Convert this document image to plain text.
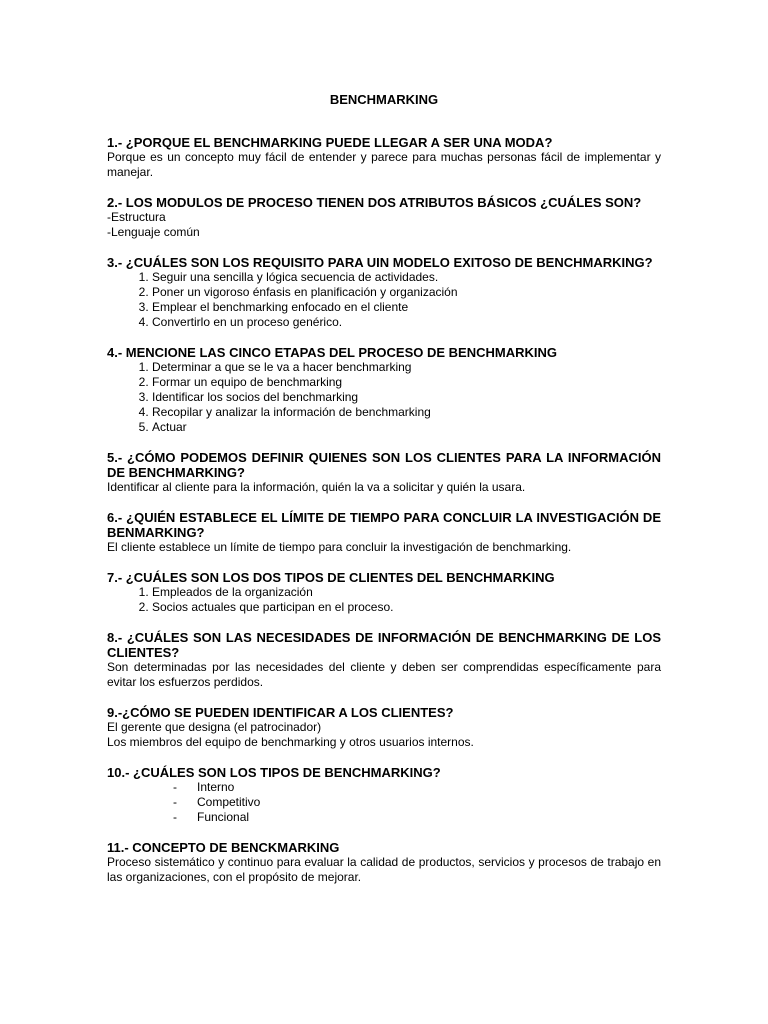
BENCHMARKING
1.- ¿PORQUE EL BENCHMARKING PUEDE LLEGAR A SER UNA MODA?

Porque es un concepto muy fácil de entender y parece para muchas personas fácil de implementar y manejar.

2.- LOS MODULOS DE PROCESO TIENEN DOS ATRIBUTOS BÁSICOS ¿CUÁLES SON?

-Estructura

-Lenguaje común

3.- ¿CUÁLES SON LOS REQUISITO PARA UIN MODELO EXITOSO DE BENCHMARKING?
1. Seguir una sencilla y lógica secuencia de actividades.
2. Poner un vigoroso énfasis en planificación y organización
3. Emplear el benchmarking enfocado en el cliente
4. Convertirlo en un proceso genérico.
4.- MENCIONE LAS CINCO ETAPAS DEL PROCESO DE BENCHMARKING
1. Determinar a que se le va a hacer benchmarking
2. Formar un equipo de benchmarking
3. Identificar los socios del benchmarking
4. Recopilar y analizar la información de benchmarking
5. Actuar
5.- ¿CÓMO PODEMOS DEFINIR QUIENES SON LOS CLIENTES PARA LA INFORMACIÓN DE BENCHMARKING?

Identificar al cliente para la información, quién la va a solicitar y quién la usara.

6.- ¿QUIÉN ESTABLECE EL LÍMITE DE TIEMPO PARA CONCLUIR LA INVESTIGACIÓN DE BENMARKING?

El cliente establece un límite de tiempo para concluir la investigación de benchmarking.

7.- ¿CUÁLES SON LOS DOS TIPOS DE CLIENTES DEL BENCHMARKING
1. Empleados de la organización
2. Socios actuales que participan en el proceso.
8.- ¿CUÁLES SON LAS NECESIDADES DE INFORMACIÓN DE BENCHMARKING DE LOS CLIENTES?

Son determinadas por las necesidades del cliente y deben ser comprendidas específicamente para evitar los esfuerzos perdidos.

9.-¿CÓMO SE PUEDEN IDENTIFICAR A LOS CLIENTES?

El gerente que designa (el patrocinador)

Los miembros del equipo de benchmarking y otros usuarios internos.

10.- ¿CUÁLES SON LOS TIPOS DE BENCHMARKING?
- Interno
- Competitivo
- Funcional
11.- CONCEPTO DE BENCKMARKING

Proceso sistemático y continuo para evaluar la calidad de productos, servicios y procesos de trabajo en las organizaciones, con el propósito de mejorar.
